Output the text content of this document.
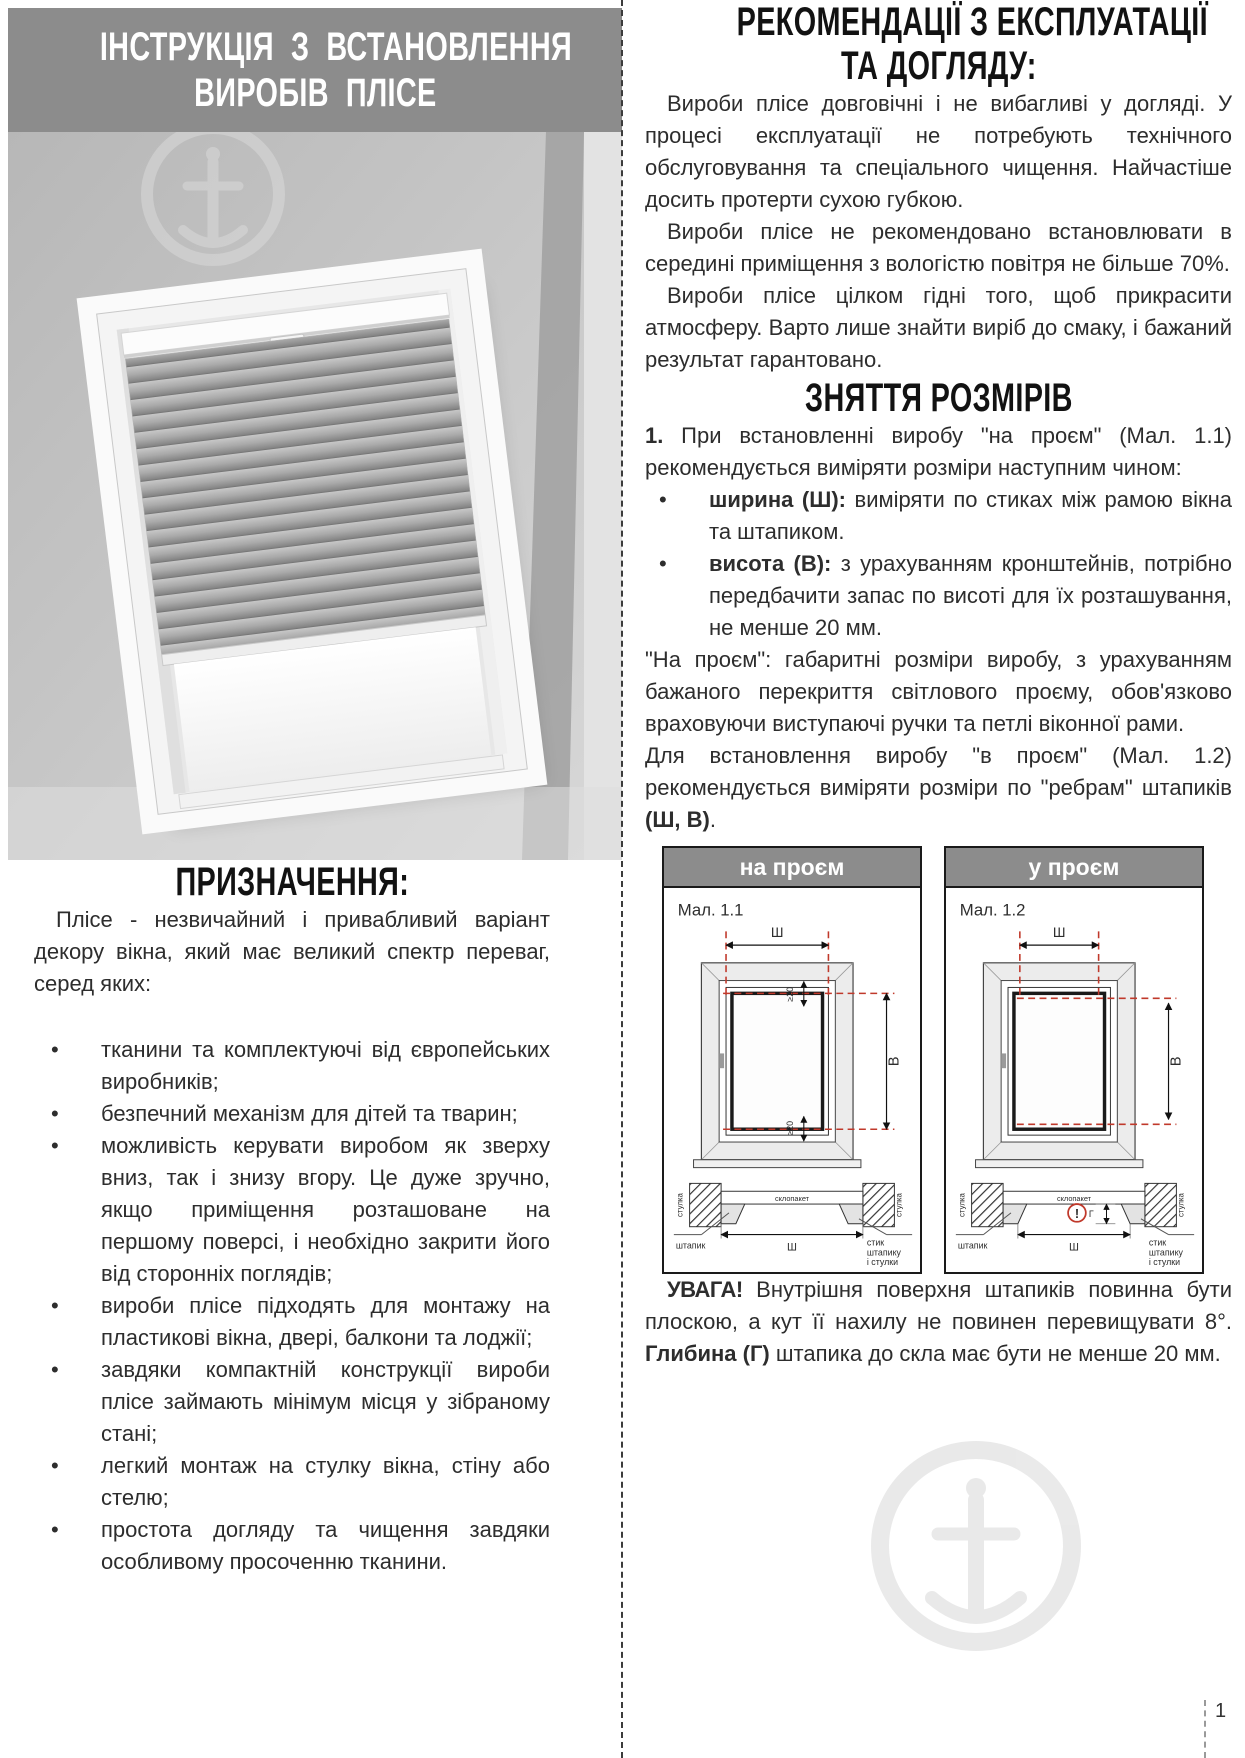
ІНСТРУКЦІЯ З ВСТАНОВЛЕННЯ
ВИРОБІВ ПЛІСЕ
ПРИЗНАЧЕННЯ:

Плісе - незвичайний і привабливий варіант декору вікна, який має великий спектр переваг, серед яких:

•	тканини та комплектуючі від європейських виробників;
•	безпечний механізм для дітей та тварин;
•	можливість керувати виробом як зверху вниз, так і знизу вгору. Це дуже зручно, якщо приміщення розташоване на першому поверсі, і необхідно закрити його від сторонніх поглядів;
•	вироби плісе підходять для монтажу на пластикові вікна, двері, балкони та лоджії;
•	завдяки компактній конструкції вироби плісе займають мінімум місця у зібраному стані;
•	легкий монтаж на стулку вікна, стіну або стелю;
•	простота догляду та чищення завдяки особливому просоченню тканини.
РЕКОМЕНДАЦІЇ З ЕКСПЛУАТАЦІЇ
ТА ДОГЛЯДУ:

Вироби плісе довговічні і не вибагливі у догляді. У процесі експлуатації не потребують технічного обслуговування та спеціального чищення. Найчастіше досить протерти сухою губкою.

Вироби плісе не рекомендовано встановлювати в середині приміщення з вологістю повітря не більше 70%.

Вироби плісе цілком гідні того, щоб прикрасити атмосферу. Варто лише знайти виріб до смаку, і бажаний результат гарантовано.

ЗНЯТТЯ РОЗМІРІВ

1. При встановленні виробу "на проєм" (Мал. 1.1) рекомендується виміряти розміри наступним чином:

•	ширина (Ш): виміряти по стиках між рамою вікна та штапиком.
•	висота (В): з урахуванням кронштейнів, потрібно передбачити запас по висоті для їх розташування, не менше 20 мм.

"На проєм": габаритні розміри виробу, з урахуванням бажаного перекриття світлового проєму, обов'язково враховуючи виступаючі ручки та петлі віконної рами.

Для встановлення виробу "в проєм" (Мал. 1.2) рекомендується виміряти розміри по "ребрам" штапиків (Ш, В).

на проєм
Мал. 1.1
Ш
В
≥20
≥20
склопакет
стулка	стулка
штапик	стик
штапику
і стулки
Ш
у проєм
Мал. 1.2
Ш
В
склопакет
стулка	стулка
штапик	стик
штапику
і стулки
Ш
Г
!

УВАГА! Внутрішня поверхня штапиків повинна бути плоскою, а кут її нахилу не повинен перевищувати 8°. Глибина (Г) штапика до скла має бути не менше 20 мм.

1
